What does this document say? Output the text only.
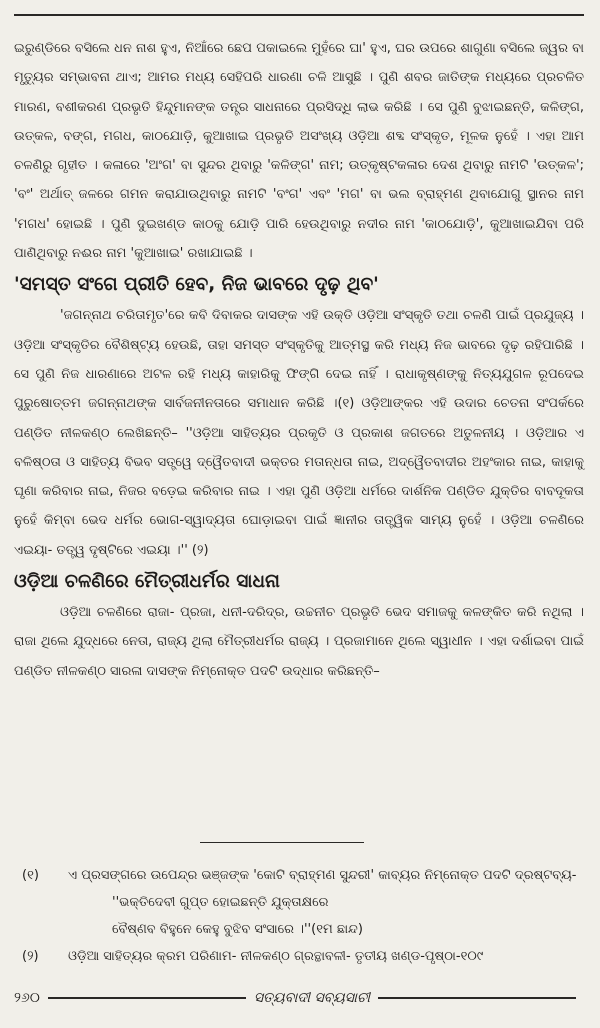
ଇରୁଣ୍ଡିରେ ବସିଲେ ଧନ ନାଶ ହୁଏ, ନିଆଁରେ ଛେପ ପକାଇଲେ ମୁହଁରେ ଘା' ହୁଏ, ଘର ଉପରେ ଶାଗୁଣା ବସିଲେ ଜ୍ୱର ବା ମୃତ୍ୟୁର ସମ୍ଭାବନା ଥାଏ; ଆମର ମଧ୍ୟ ସେହିପରି ଧାରଣା ଚଳି ଆସୁଛି । ପୁଣି ଶବର ଜାତିଙ୍କ ମଧ୍ୟରେ ପ୍ରଚଳିତ ମାରଣ, ବଶୀକରଣ ପ୍ରଭୃତି ହିନ୍ଦୁମାନଙ୍କ ତନ୍ତ୍ର ସାଧନାରେ ପ୍ରସିଦ୍ଧି ଲାଭ କରିଛି । ସେ ପୁଣି ବୁଝାଇଛନ୍ତି, କଳିଙ୍ଗ, ଉତ୍କଳ, ବଙ୍ଗ, ମଗଧ, କାଠଯୋଡ଼ି, କୁଆଖାଇ ପ୍ରଭୃତି ଅସଂଖ୍ୟ ଓଡ଼ିଆ ଶବ୍ଦ ସଂସ୍କୃତ, ମୂଳକ ନୁହେଁ । ଏହା ଆମ ଚଳଣିରୁ ଗୃହୀତ । କଳାରେ 'ଅଂଗ' ବା ସୁନ୍ଦର ଥିବାରୁ 'କଳିଙ୍ଗ' ନାମ; ଉତ୍କୃଷ୍ଟକଳାର ଦେଶ ଥିବାରୁ ନାମଟି 'ଉତ୍କଳ'; 'ବଂ' ଅର୍ଥାତ୍ ଜଳରେ ଗମନ କରାଯାଉଥିବାରୁ ନାମଟି 'ବଂଗ' ଏବଂ 'ମଗ' ବା ଭଲ ବ୍ରାହ୍ମଣ ଥିବାଯୋଗୁ ସ୍ଥାନର ନାମ 'ମଗଧ' ହୋଇଛି । ପୁଣି ଦୁଇଖଣ୍ଡ କାଠକୁ ଯୋଡ଼ି ପାରି ହେଉଥିବାରୁ ନଦୀର ନାମ 'କାଠଯୋଡ଼ି', କୁଆଖାଇଯିବା ପରି ପାଣିଥିବାରୁ ନଈର ନାମ 'କୁଆଖାଇ' ରଖାଯାଇଛି ।

'ସମସ୍ତ ସଂଗେ ପ୍ରୀତି ହେବ, ନିଜ ଭାବରେ ଦୃଢ଼ ଥିବ'

'ଜଗନ୍ନାଥ ଚରିତାମୃତ'ରେ କବି ଦିବାକର ଦାସଙ୍କ ଏହି ଉକ୍ତି ଓଡ଼ିଆ ସଂସ୍କୃତି ତଥା ଚଳଣି ପାଇଁ ପ୍ରଯୁଜ୍ୟ । ଓଡ଼ିଆ ସଂସ୍କୃତିର ବୈଶିଷ୍ଟ୍ୟ ହେଉଛି, ତାହା ସମସ୍ତ ସଂସ୍କୃତିକୁ ଆତ୍ମସ୍ଥ କରି ମଧ୍ୟ ନିଜ ଭାବରେ ଦୃଢ଼ ରହିପାରିଛି । ସେ ପୁଣି ନିଜ ଧାରଣାରେ ଅଟଳ ରହି ମଧ୍ୟ କାହାରିକୁ ଫିଙ୍ଗି ଦେଇ ନାହିଁ । ରାଧାକୃଷ୍ଣଙ୍କୁ ନିତ୍ୟଯୁଗଳ ରୂପଦେଇ ପୁରୁଷୋତ୍ତମ ଜଗନ୍ନାଥଙ୍କ ସାର୍ବଜନୀନତାରେ ସମାଧାନ କରିଛି ।(୧) ଓଡ଼ିଆଙ୍କର ଏହି ଉଦାର ଚେତନା ସଂପର୍କରେ ପଣ୍ଡିତ ନୀଳକଣ୍ଠ ଲେଖିଛନ୍ତି– ''ଓଡ଼ିଆ ସାହିତ୍ୟର ପ୍ରକୃତି ଓ ପ୍ରକାଶ ଜଗତରେ ଅତୁଳନୀୟ । ଓଡ଼ିଆର ଏ ବଳିଷ୍ଠତା ଓ ସାହିତ୍ୟ ବିଭବ ସତ୍ତ୍ୱେ ଦ୍ୱୈତବାଦୀ ଭକ୍ତର ମତାନ୍ଧତା ନାଇ, ଅଦ୍ୱୈତବାଦୀର ଅହଂକାର ନାଇ, କାହାକୁ ଘୃଣା କରିବାର ନାଇ, ନିଜର ବଡ଼େଇ କରିବାର ନାଇ । ଏହା ପୁଣି ଓଡ଼ିଆ ଧର୍ମରେ ଦାର୍ଶନିକ ପଣ୍ଡିତ ଯୁକ୍ତିର ବାବଦୂକତା ନୁହେଁ କିମ୍ବା ଭେଦ ଧର୍ମର ଭୋଗ-ସ୍ୱାଦ୍ୟତା ଘୋଡ଼ାଇବା ପାଇଁ ଜ୍ଞାନୀର ତାତ୍ତ୍ୱିକ ସାମ୍ୟ ନୁହେଁ । ଓଡ଼ିଆ ଚଳଣିରେ ଏଇୟା- ତତ୍ତ୍ୱ ଦୃଷ୍ଟିରେ ଏଇୟା ।'' (୨)

ଓଡ଼ିଆ ଚଳଣିରେ ମୈତ୍ରୀଧର୍ମର ସାଧନା

ଓଡ଼ିଆ ଚଳଣିରେ ରାଜା- ପ୍ରଜା, ଧନୀ-ଦରିଦ୍ର, ଉଚ୍ଚନୀଚ ପ୍ରଭୃତି ଭେଦ ସମାଜକୁ କଳଙ୍କିତ କରି ନଥିଲା । ରାଜା ଥିଲେ ଯୁଦ୍ଧରେ ନେତା, ରାଜ୍ୟ ଥିଲା ମୈତ୍ରୀଧର୍ମର ରାଜ୍ୟ । ପ୍ରଜାମାନେ ଥିଲେ ସ୍ୱାଧୀନ । ଏହା ଦର୍ଶାଇବା ପାଇଁ ପଣ୍ଡିତ ନୀଳକଣ୍ଠ ସାରଳା ଦାସଙ୍କ ନିମ୍ନୋକ୍ତ ପଦଟି ଉଦ୍ଧାର କରିଛନ୍ତି–

(୧)	ଏ ପ୍ରସଙ୍ଗରେ ଉପେନ୍ଦ୍ର ଭଞ୍ଜଙ୍କ 'କୋଟି ବ୍ରାହ୍ମଣ ସୁନ୍ଦରୀ' କାବ୍ୟର ନିମ୍ନୋକ୍ତ ପଦଟି ଦ୍ରଷ୍ଟବ୍ୟ-
''ଭକ୍ତିଦେବୀ ଗୁପ୍ତ ହୋଇଛନ୍ତି ଯୁକ୍ତାକ୍ଷରେ
ବୈଷ୍ଣବ ବିହୁନେ କେହୁ ବୁଝିବ ସଂସାରେ ।''(୧ମ ଛାନ୍ଦ)
(୨)	ଓଡ଼ିଆ ସାହିତ୍ୟର କ୍ରମ ପରିଣାମ- ନୀଳକଣ୍ଠ ଗ୍ରନ୍ଥାବଳୀ- ତୃତୀୟ ଖଣ୍ଡ-ପୃଷ୍ଠା-୧୦୯
୨୬୦	ସତ୍ୟବାଦୀ ସବ୍ୟସାଚୀ
